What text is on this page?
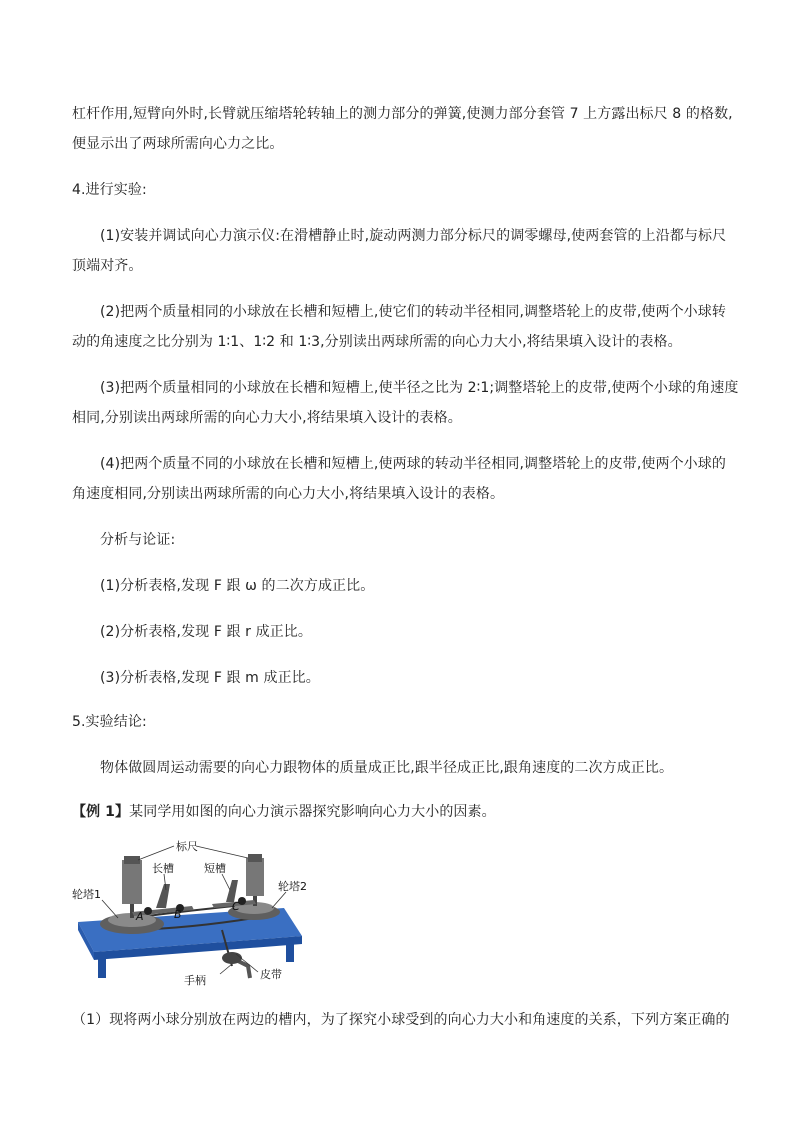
杠杆作用,短臂向外时,长臂就压缩塔轮转轴上的测力部分的弹簧,使测力部分套管 7 上方露出标尺 8 的格数,
便显示出了两球所需向心力之比。
4.进行实验:
(1)安装并调试向心力演示仪:在滑槽静止时,旋动两测力部分标尺的调零螺母,使两套管的上沿都与标尺
顶端对齐。
(2)把两个质量相同的小球放在长槽和短槽上,使它们的转动半径相同,调整塔轮上的皮带,使两个小球转
动的角速度之比分别为 1∶1、1∶2 和 1∶3,分别读出两球所需的向心力大小,将结果填入设计的表格。
(3)把两个质量相同的小球放在长槽和短槽上,使半径之比为 2∶1;调整塔轮上的皮带,使两个小球的角速度
相同,分别读出两球所需的向心力大小,将结果填入设计的表格。
(4)把两个质量不同的小球放在长槽和短槽上,使两球的转动半径相同,调整塔轮上的皮带,使两个小球的
角速度相同,分别读出两球所需的向心力大小,将结果填入设计的表格。
分析与论证:
(1)分析表格,发现 F 跟 ω 的二次方成正比。
(2)分析表格,发现 F 跟 r 成正比。
(3)分析表格,发现 F 跟 m 成正比。
5.实验结论:
物体做圆周运动需要的向心力跟物体的质量成正比,跟半径成正比,跟角速度的二次方成正比。
【例 1】某同学用如图的向心力演示器探究影响向心力大小的因素。
标尺
长槽	短槽
轮塔1
轮塔2
A	B
C
手柄	皮带
（1）现将两小球分别放在两边的槽内，为了探究小球受到的向心力大小和角速度的关系，下列方案正确的
